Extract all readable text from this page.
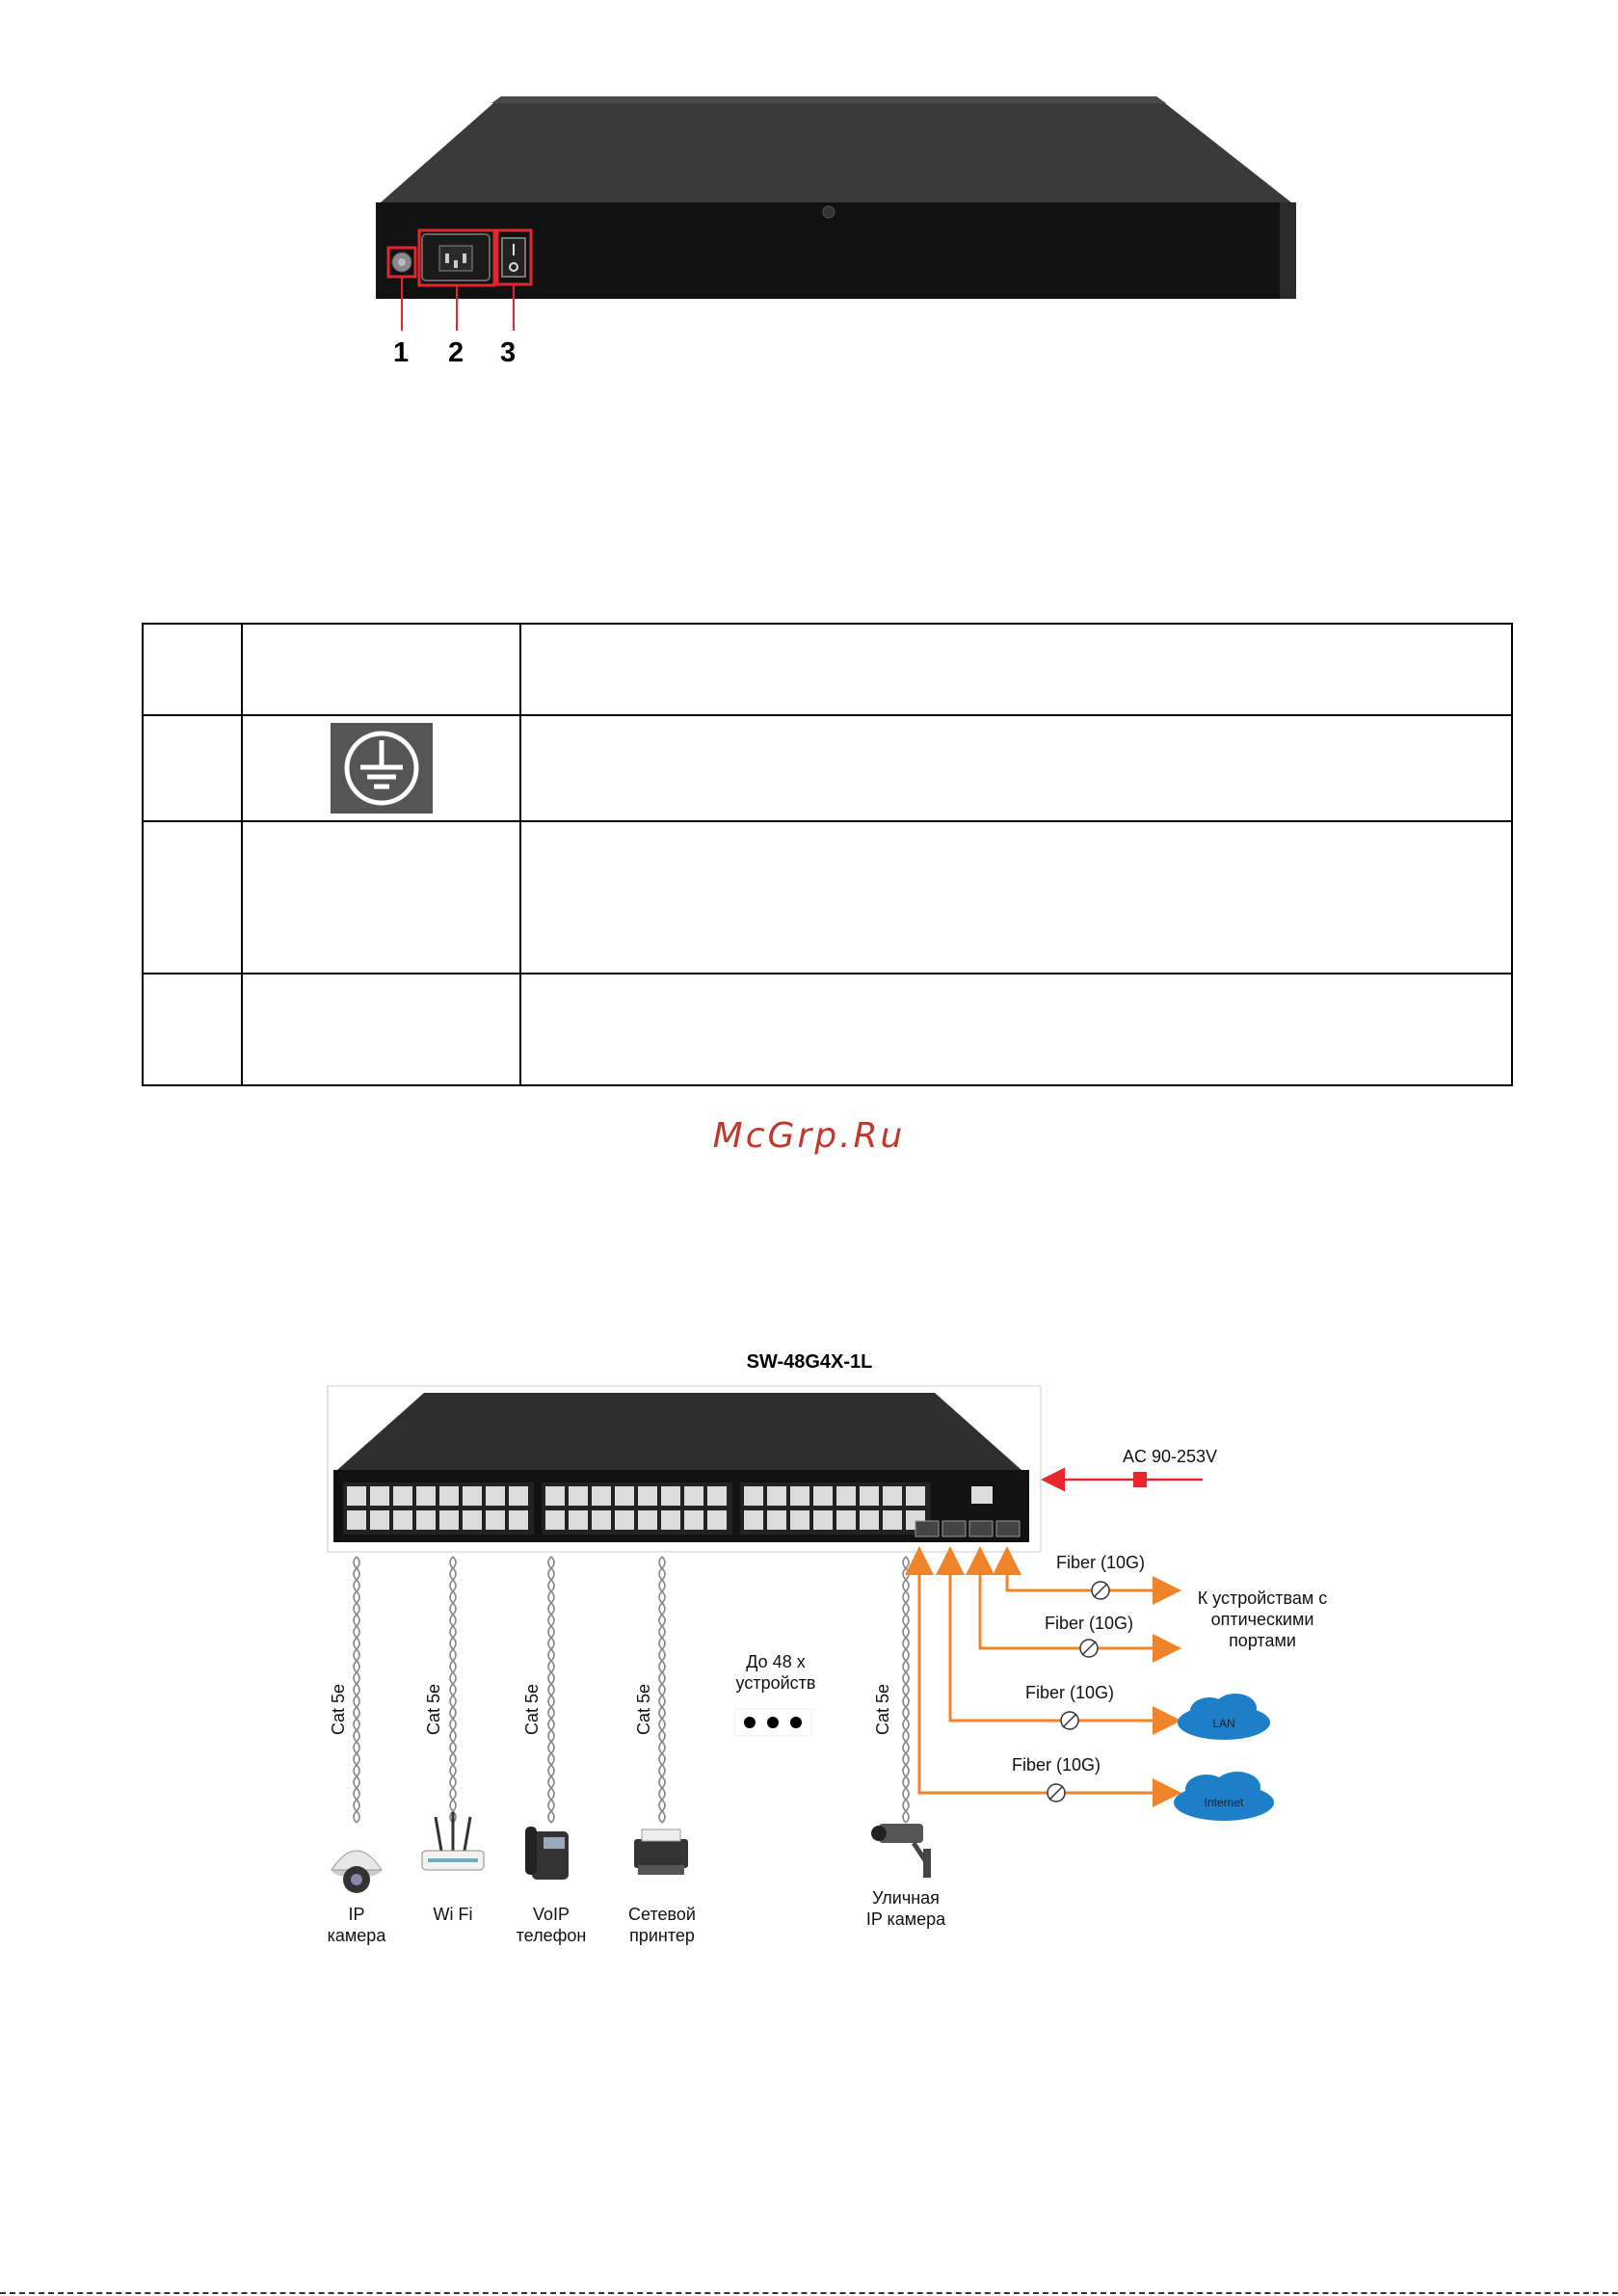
1 2 3

McGrp.Ru
SW-48G4X-1L
AC 90-253V
Cat 5e	Cat 5e	Cat 5e	Cat 5e	Cat 5e
До 48 х
устройств
IP
камера
Wi Fi	VoIP
телефон
Сетевой
принтер
Уличная
IP камера
Fiber (10G)
Fiber (10G)
Fiber (10G)
Fiber (10G)
К устройствам с
оптическими
портами
LAN
Internet
